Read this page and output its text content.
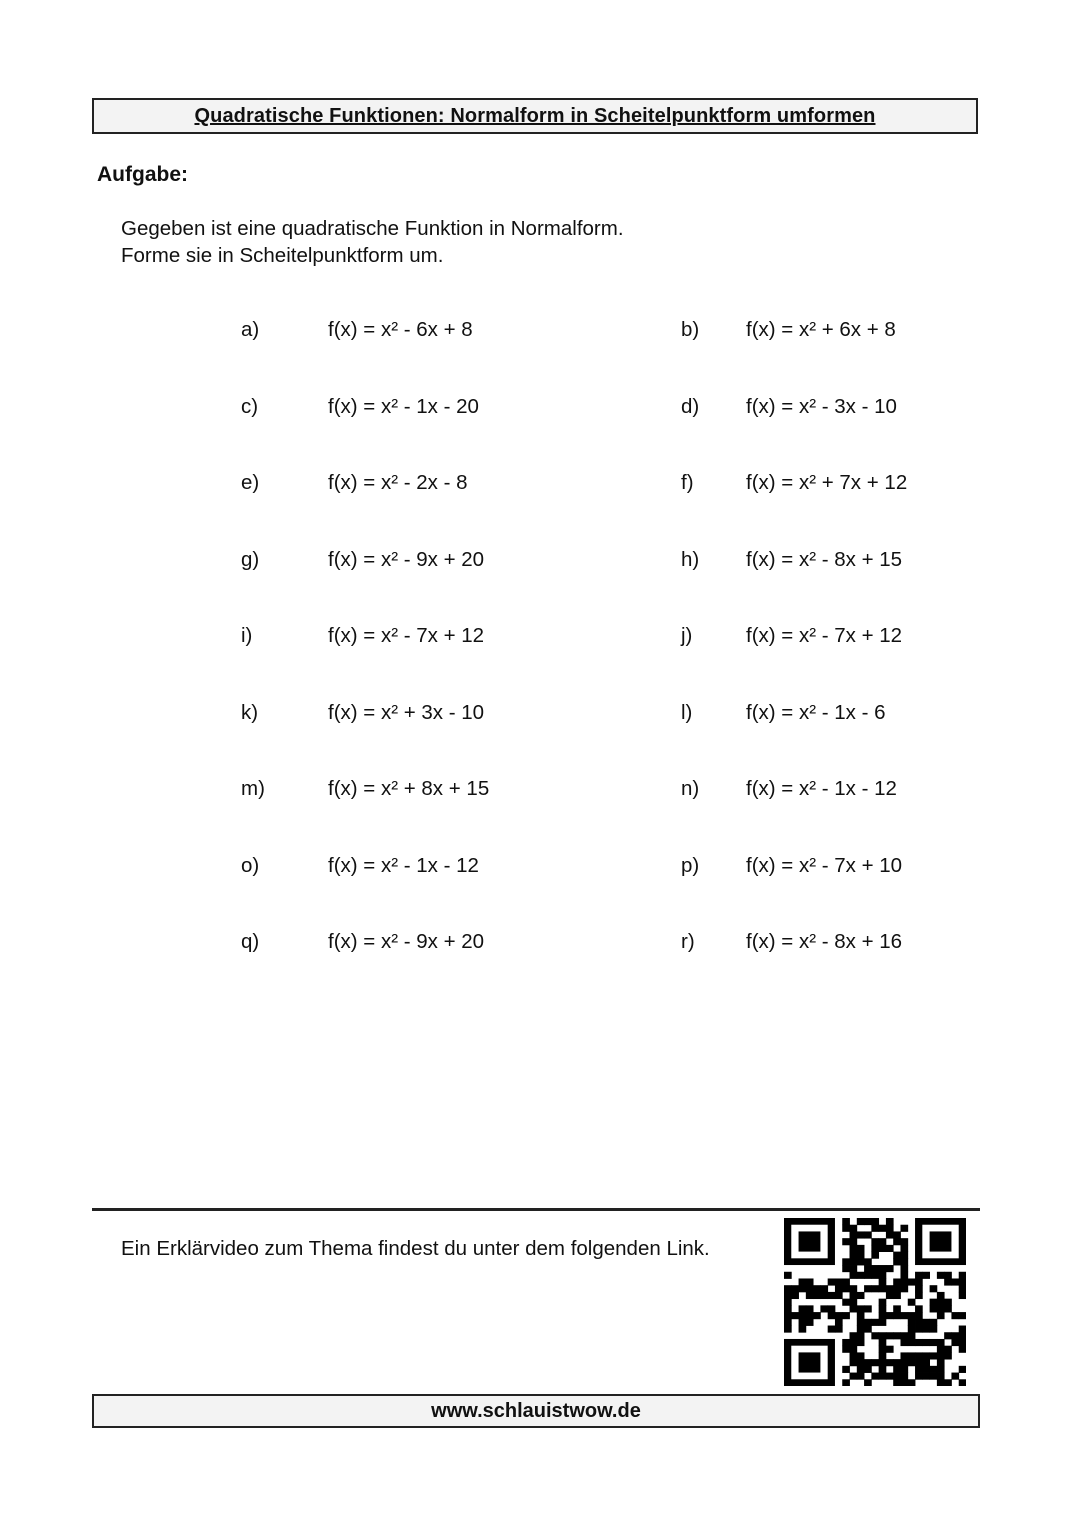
Quadratische Funktionen: Normalform in Scheitelpunktform umformen
Aufgabe:
Gegeben ist eine quadratische Funktion in Normalform.
Forme sie in Scheitelpunktform um.
a)	f(x) = x² - 6x + 8	b) f(x) = x² + 6x + 8
c)	f(x) = x² - 1x - 20	d) f(x) = x² - 3x - 10
e)	f(x) = x² - 2x - 8	f)	f(x) = x² + 7x + 12
g)	f(x) = x² - 9x + 20	h) f(x) = x² - 8x + 15
i)	f(x) = x² - 7x + 12	j)	f(x) = x² - 7x + 12
k)	f(x) = x² + 3x - 10	l)	f(x) = x² - 1x - 6
m)	f(x) = x² + 8x + 15	n) f(x) = x² - 1x - 12
o)	f(x) = x² - 1x - 12	p) f(x) = x² - 7x + 10
q)	f(x) = x² - 9x + 20	r)	f(x) = x² - 8x + 16
Ein Erklärvideo zum Thema findest du unter dem folgenden Link.
www.schlauistwow.de
